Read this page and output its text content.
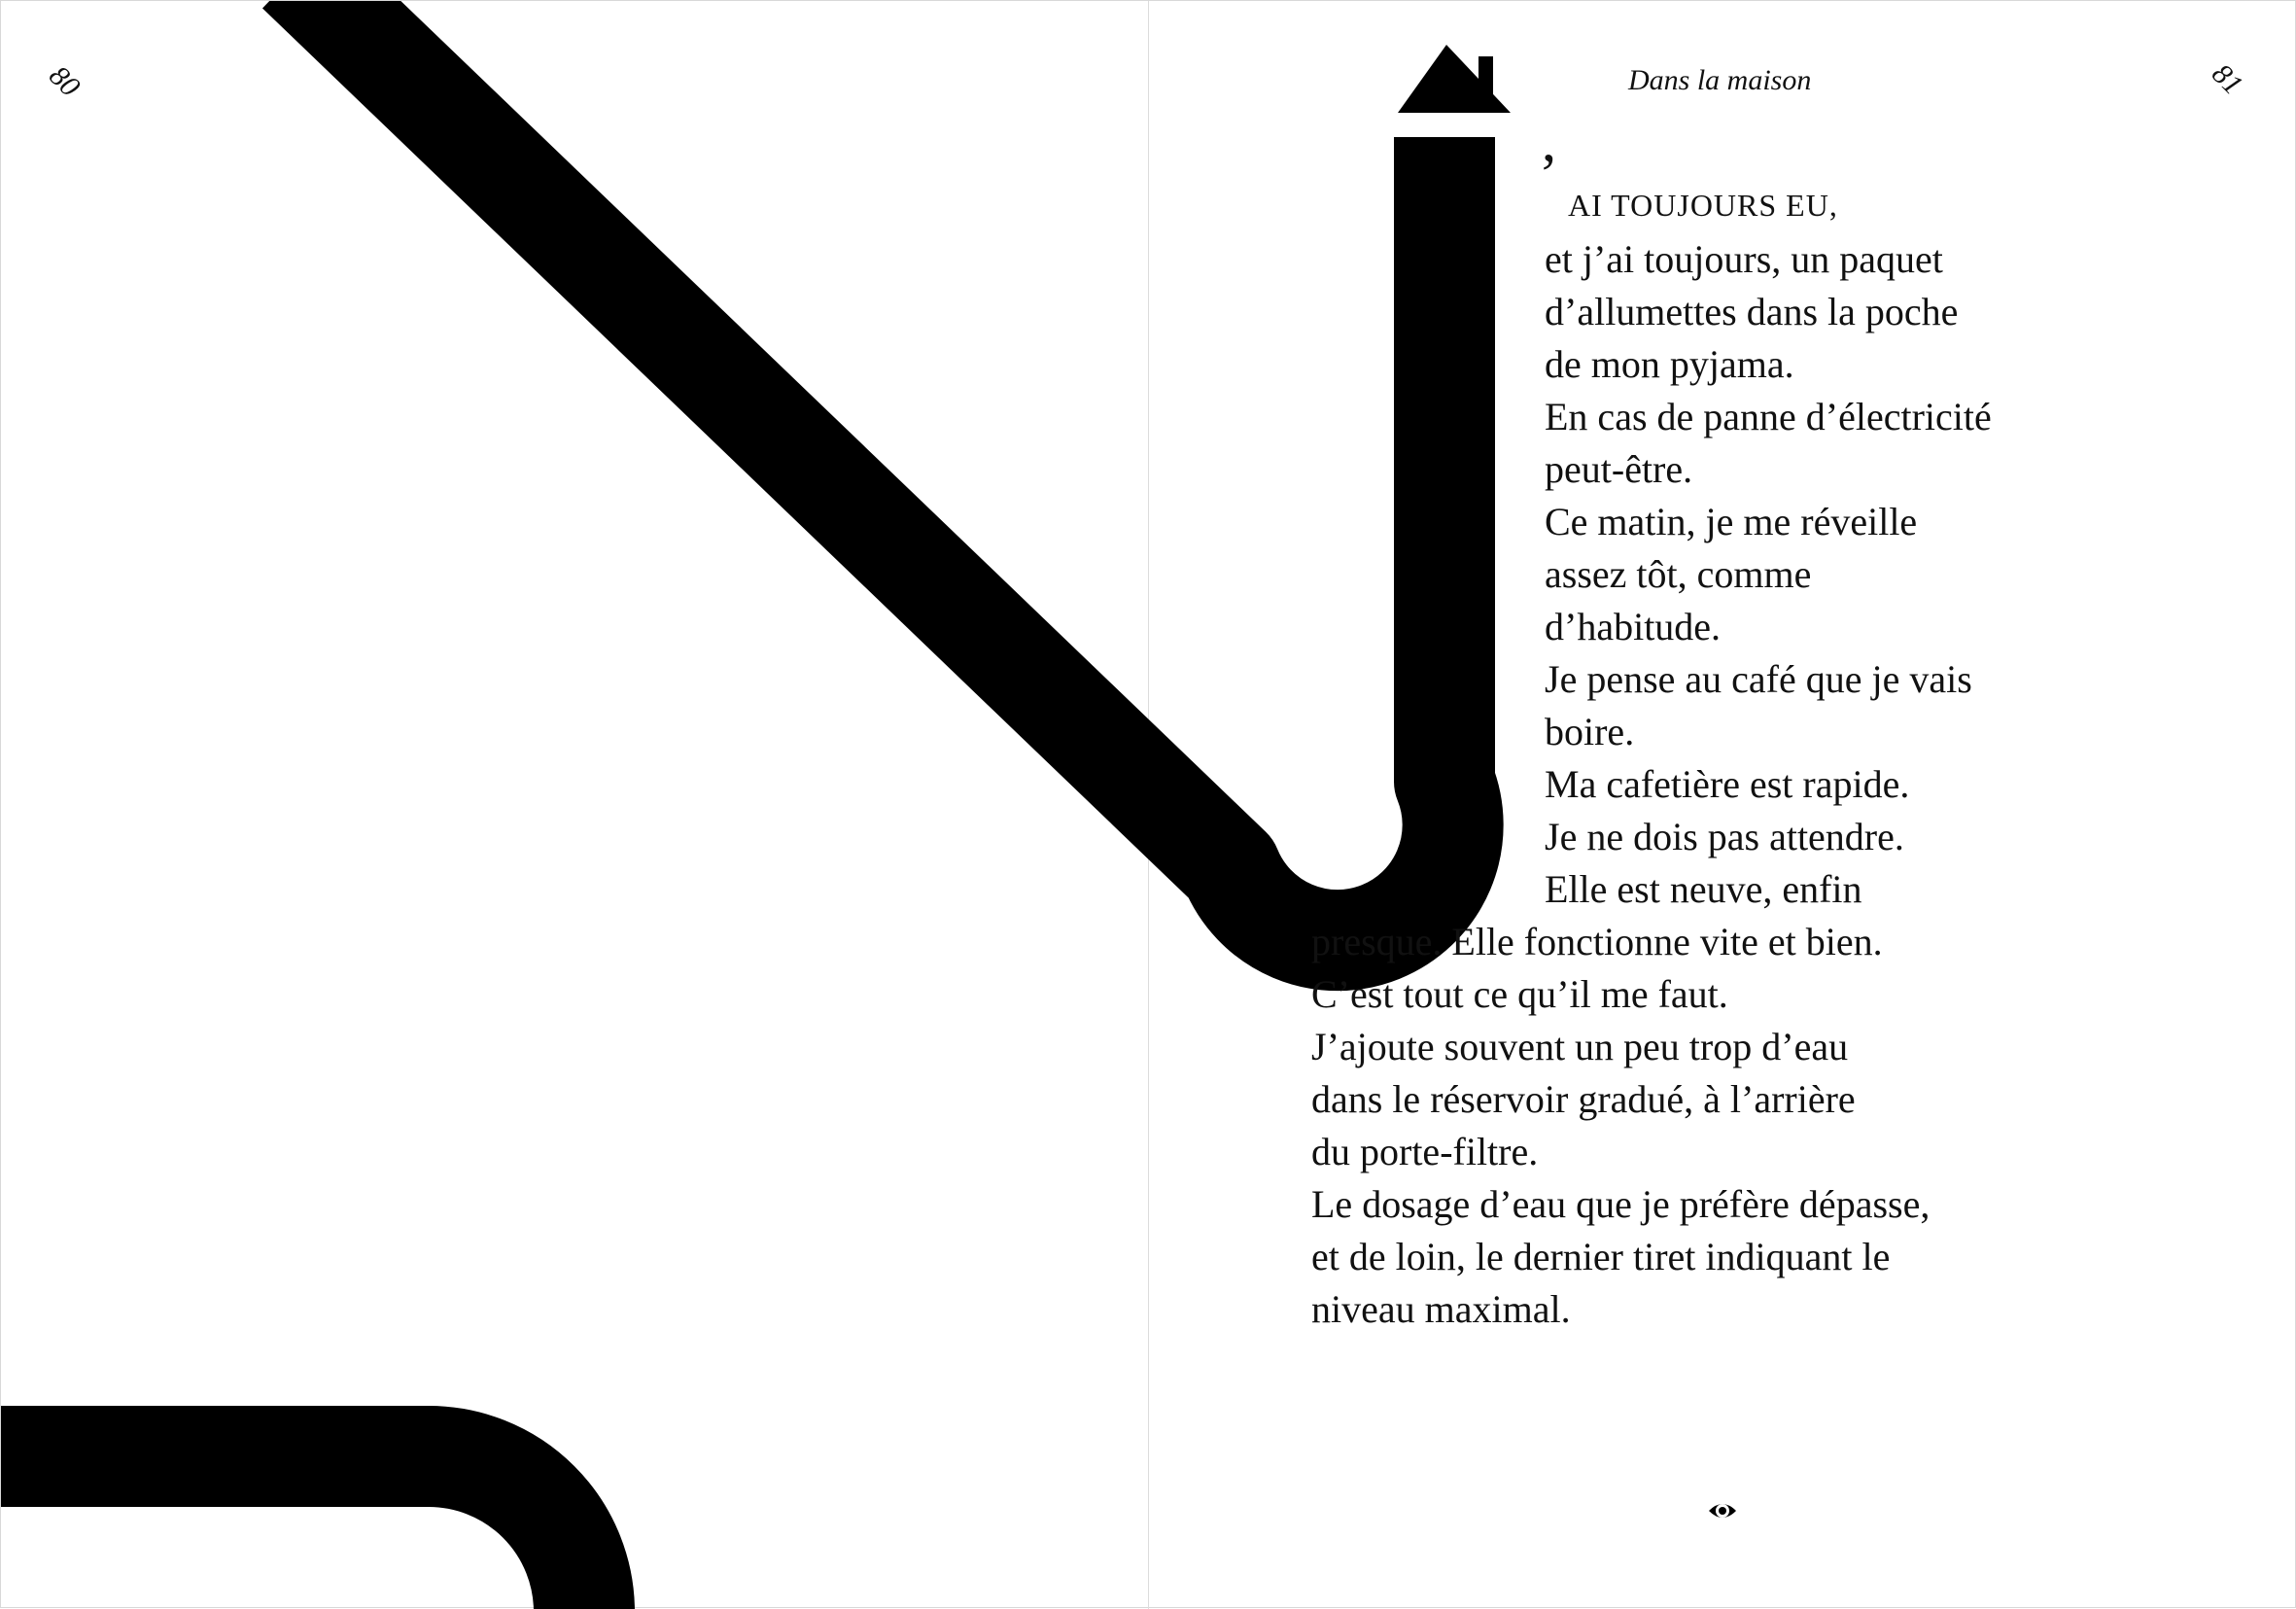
80	81
Dans la maison
’ AI TOUJOURS EU,
et j’ai toujours, un paquet
d’allumettes dans la poche
de mon pyjama.
En cas de panne d’électricité
peut-être.
Ce matin, je me réveille
assez tôt, comme
d’habitude.
Je pense au café que je vais
boire.
Ma cafetière est rapide.
Je ne dois pas attendre.
Elle est neuve, enfin
presque. Elle fonctionne vite et bien.
C’est tout ce qu’il me faut.
J’ajoute souvent un peu trop d’eau
dans le réservoir gradué, à l’arrière
du porte-filtre.
Le dosage d’eau que je préfère dépasse,
et de loin, le dernier tiret indiquant le
niveau maximal.
